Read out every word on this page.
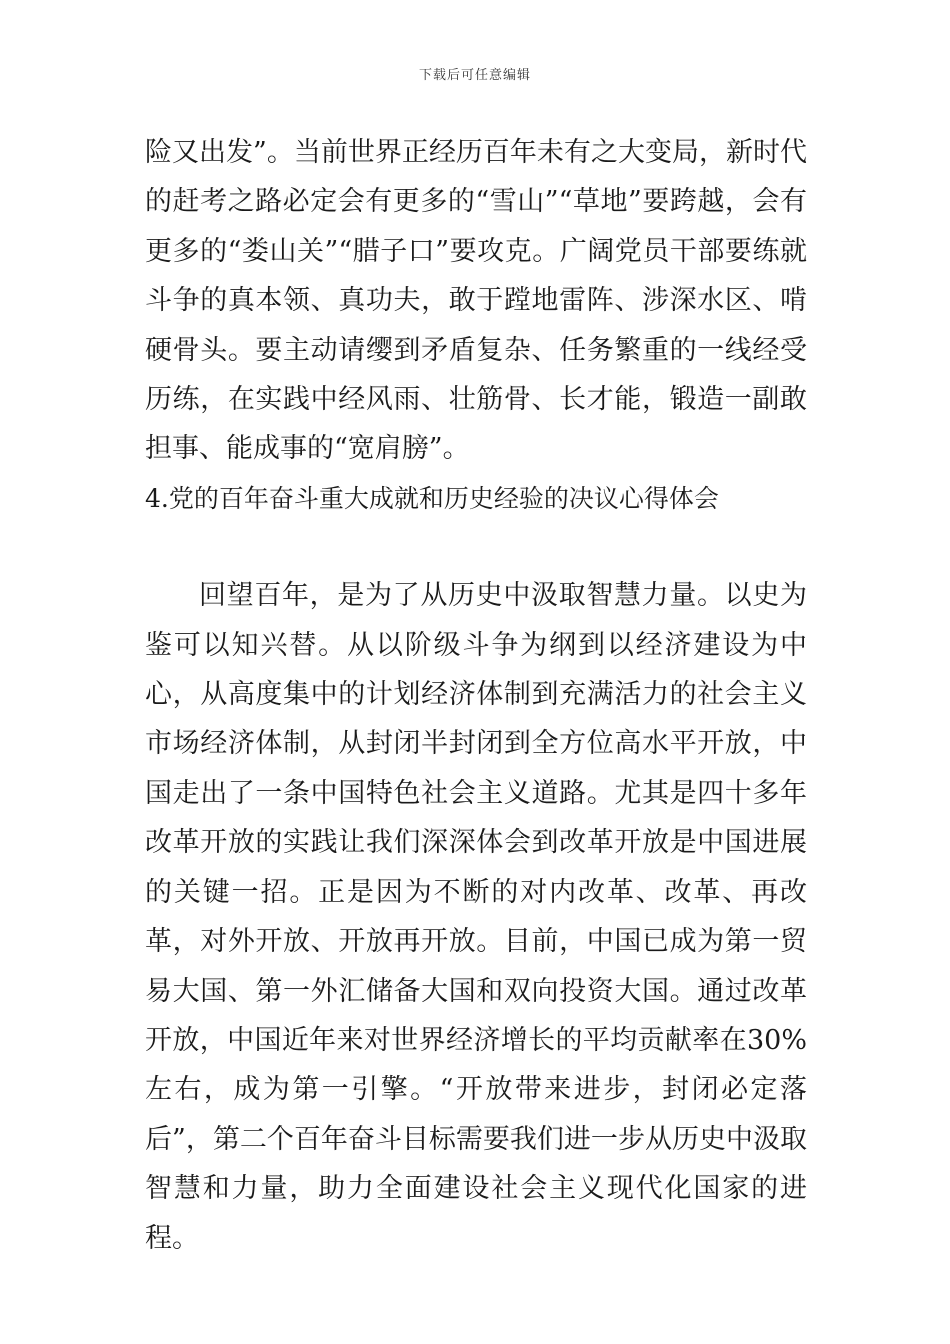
下载后可任意编辑

险又出发”。当前世界正经历百年未有之大变局，新时代的赶考之路必定会有更多的“雪山”“草地”要跨越，会有更多的“娄山关”“腊子口”要攻克。广阔党员干部要练就斗争的真本领、真功夫，敢于蹚地雷阵、涉深水区、啃硬骨头。要主动请缨到矛盾复杂、任务繁重的一线经受历练，在实践中经风雨、壮筋骨、长才能，锻造一副敢担事、能成事的“宽肩膀”。

4.党的百年奋斗重大成就和历史经验的决议心得体会

回望百年，是为了从历史中汲取智慧力量。以史为鉴可以知兴替。从以阶级斗争为纲到以经济建设为中心，从高度集中的计划经济体制到充满活力的社会主义市场经济体制，从封闭半封闭到全方位高水平开放，中国走出了一条中国特色社会主义道路。尤其是四十多年改革开放的实践让我们深深体会到改革开放是中国进展的关键一招。正是因为不断的对内改革、改革、再改革，对外开放、开放再开放。目前，中国已成为第一贸易大国、第一外汇储备大国和双向投资大国。通过改革开放，中国近年来对世界经济增长的平均贡献率在30%左右，成为第一引擎。“开放带来进步，封闭必定落后”，第二个百年奋斗目标需要我们进一步从历史中汲取智慧和力量，助力全面建设社会主义现代化国家的进程。
